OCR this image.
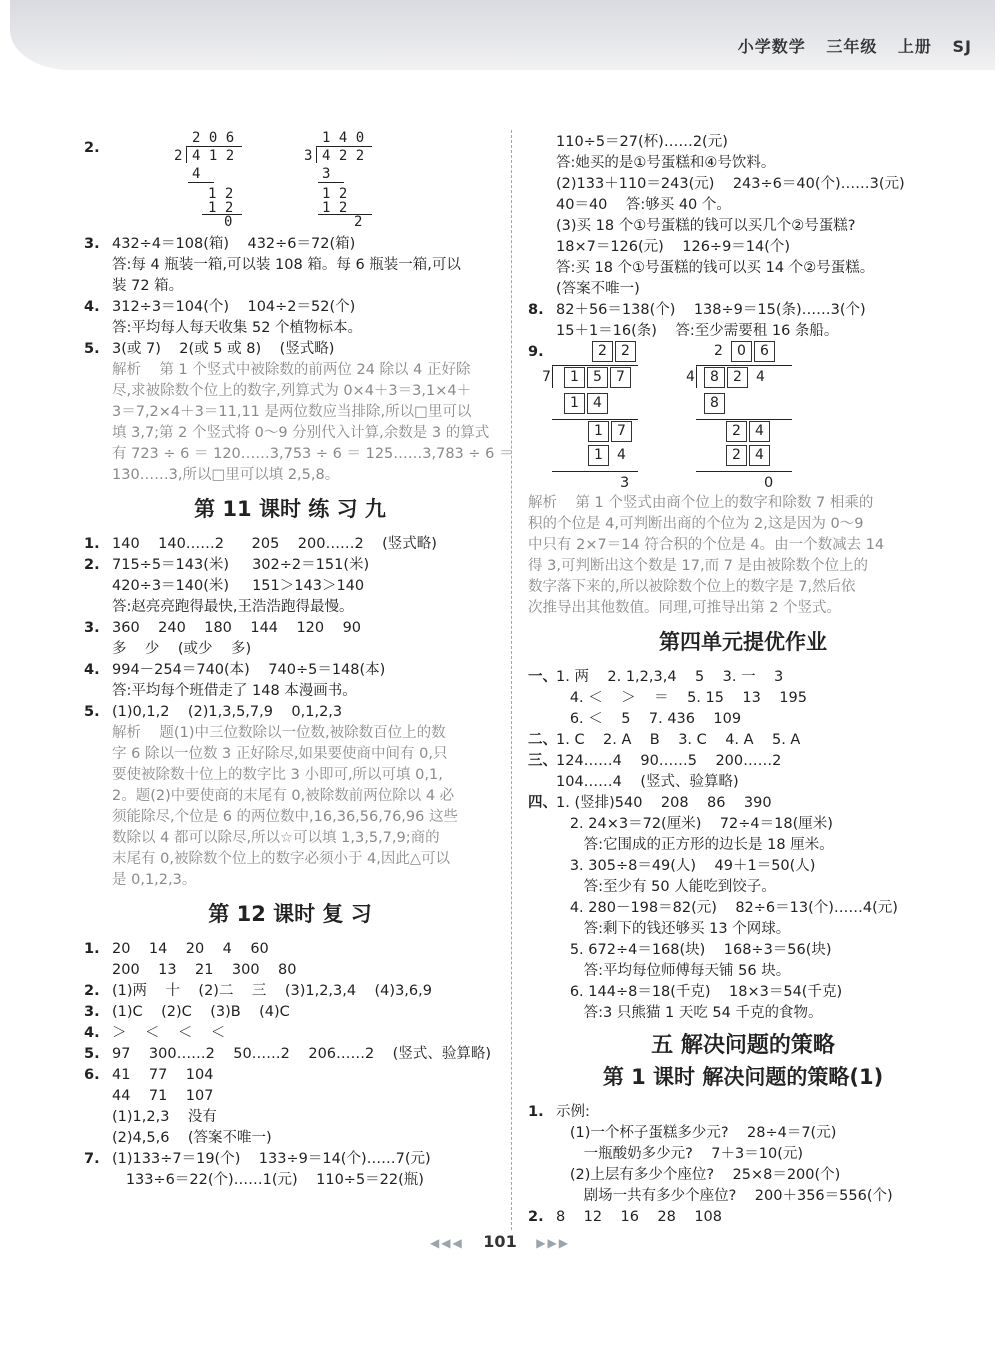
小学数学 三年级 上册 SJ
2.
2 0 6
2 4 1 2
4
1 2
1 2
0
1 4 0
3 4 2 2
3
1 2
1 2
2
3. 432÷4＝108(箱)    432÷6＝72(箱)
答:每 4 瓶装一箱,可以装 108 箱。每 6 瓶装一箱,可以
装 72 箱。
4. 312÷3＝104(个)    104÷2＝52(个)
答:平均每人每天收集 52 个植物标本。
5. 3(或 7)    2(或 5 或 8)    (竖式略)
解析    第 1 个竖式中被除数的前两位 24 除以 4 正好除
尽,求被除数个位上的数字,列算式为 0×4＋3＝3,1×4＋
3＝7,2×4＋3＝11,11 是两位数应当排除,所以□里可以
填 3,7;第 2 个竖式将 0～9 分别代入计算,余数是 3 的算式
有 723 ÷ 6 ＝ 120……3,753 ÷ 6 ＝ 125……3,783 ÷ 6 ＝
130……3,所以□里可以填 2,5,8。
第 11 课时 练 习 九
1. 140    140……2      205    200……2    (竖式略)
2. 715÷5＝143(米)     302÷2＝151(米)
420÷3＝140(米)     151＞143＞140
答:赵亮亮跑得最快,王浩浩跑得最慢。
3. 360    240    180    144    120    90
多    少    (或少    多)
4. 994－254＝740(本)    740÷5＝148(本)
答:平均每个班借走了 148 本漫画书。
5. (1)0,1,2    (2)1,3,5,7,9    0,1,2,3
解析    题(1)中三位数除以一位数,被除数百位上的数
字 6 除以一位数 3 正好除尽,如果要使商中间有 0,只
要使被除数十位上的数字比 3 小即可,所以可填 0,1,
2。题(2)中要使商的末尾有 0,被除数前两位除以 4 必
须能除尽,个位是 6 的两位数中,16,36,56,76,96 这些
数除以 4 都可以除尽,所以☆可以填 1,3,5,7,9;商的
末尾有 0,被除数个位上的数字必须小于 4,因此△可以
是 0,1,2,3。
第 12 课时 复 习
1. 20    14    20    4    60
200    13    21    300    80
2. (1)两    十    (2)二    三    (3)1,2,3,4    (4)3,6,9
3. (1)C    (2)C    (3)B    (4)C
4. ＞    ＜    ＜    ＜
5. 97    300……2    50……2    206……2    (竖式、验算略)
6. 41    77    104
44    71    107
(1)1,2,3    没有
(2)4,5,6    (答案不唯一)
7. (1)133÷7＝19(个)    133÷9＝14(个)……7(元)
133÷6＝22(个)……1(元)    110÷5＝22(瓶)
110÷5＝27(杯)……2(元)
答:她买的是①号蛋糕和④号饮料。
(2)133＋110＝243(元)    243÷6＝40(个)……3(元)
40＝40    答:够买 40 个。
(3)买 18 个①号蛋糕的钱可以买几个②号蛋糕?
18×7＝126(元)    126÷9＝14(个)
答:买 18 个①号蛋糕的钱可以买 14 个②号蛋糕。
(答案不唯一)
8. 82＋56＝138(个)    138÷9＝15(条)……3(个)
15＋1＝16(条)    答:至少需要租 16 条船。
9.	2 2
7	1 5 7
1 4
1 7
1 4
2 0 6
4	8 2 4
8
2 4
2 4
3	0
解析    第 1 个竖式由商个位上的数字和除数 7 相乘的
积的个位是 4,可判断出商的个位为 2,这是因为 0～9
中只有 2×7＝14 符合积的个位是 4。由一个数减去 14
得 3,可判断出这个数是 17,而 7 是由被除数个位上的
数字落下来的,所以被除数个位上的数字是 7,然后依
次推导出其他数值。同理,可推导出第 2 个竖式。
第四单元提优作业
一、1. 两    2. 1,2,3,4    5    3. 一    3
4. ＜    ＞    ＝    5. 15    13    195
6. ＜    5    7. 436    109
二、1. C    2. A    B    3. C    4. A    5. A
三、124……4    90……5    200……2
104……4    (竖式、验算略)
四、1. (竖排)540    208    86    390
2. 24×3＝72(厘米)    72÷4＝18(厘米)
答:它围成的正方形的边长是 18 厘米。
3. 305÷8＝49(人)    49＋1＝50(人)
答:至少有 50 人能吃到饺子。
4. 280－198＝82(元)    82÷6＝13(个)……4(元)
答:剩下的钱还够买 13 个网球。
5. 672÷4＝168(块)    168÷3＝56(块)
答:平均每位师傅每天铺 56 块。
6. 144÷8＝18(千克)    18×3＝54(千克)
答:3 只熊猫 1 天吃 54 千克的食物。
五 解决问题的策略
第 1 课时 解决问题的策略(1)
1. 示例:
(1)一个杯子蛋糕多少元?    28÷4＝7(元)
一瓶酸奶多少元?    7＋3＝10(元)
(2)上层有多少个座位?    25×8＝200(个)
剧场一共有多少个座位?    200＋356＝556(个)
2. 8    12    16    28    108
◀◀◀ 101 ▶▶▶
